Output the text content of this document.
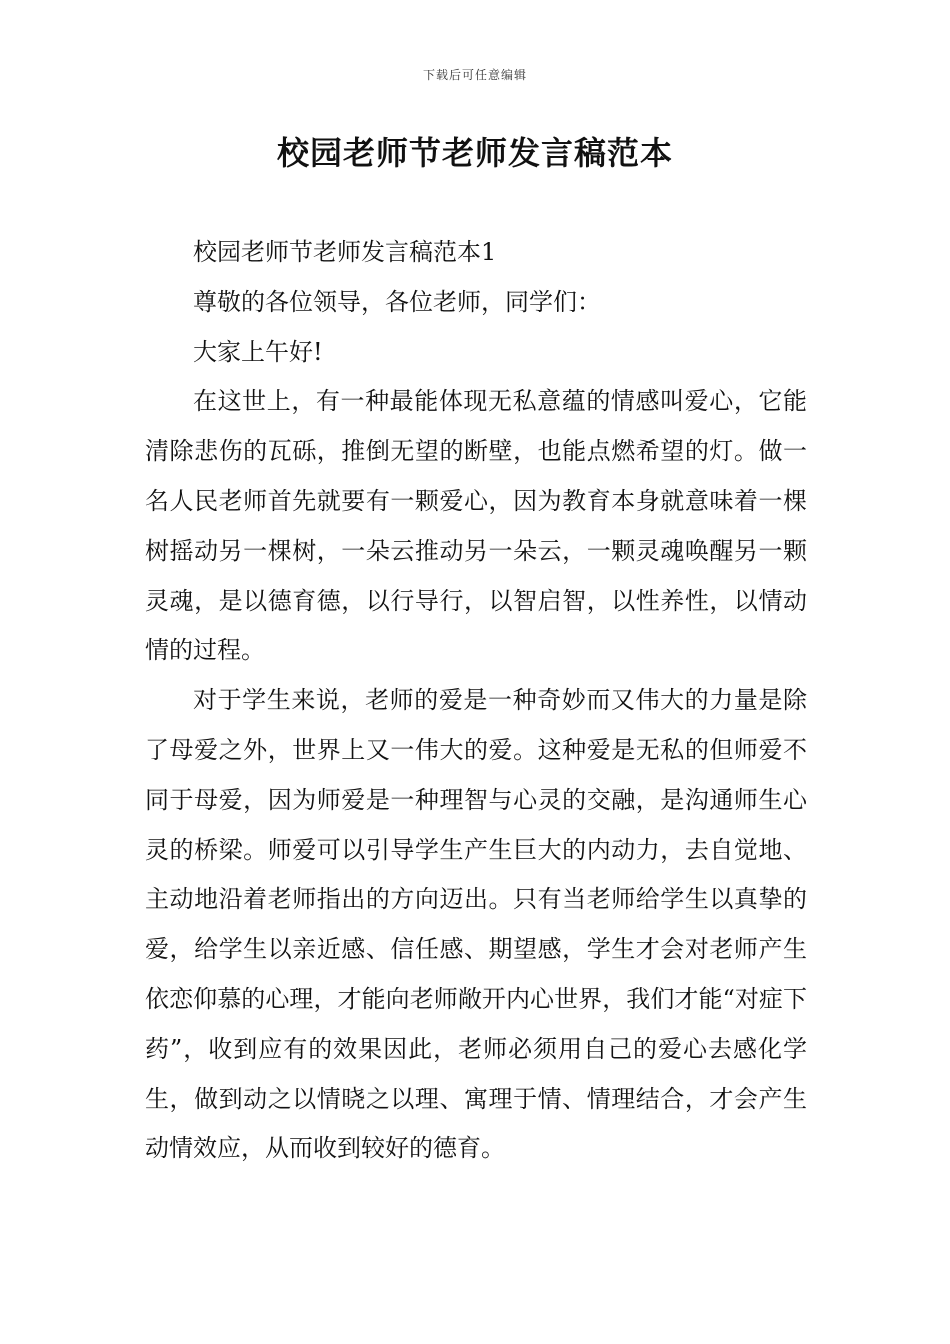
下载后可任意编辑
校园老师节老师发言稿范本

校园老师节老师发言稿范本1

尊敬的各位领导，各位老师，同学们：

大家上午好!

在这世上，有一种最能体现无私意蕴的情感叫爱心，它能清除悲伤的瓦砾，推倒无望的断壁，也能点燃希望的灯。做一名人民老师首先就要有一颗爱心，因为教育本身就意味着一棵树摇动另一棵树，一朵云推动另一朵云，一颗灵魂唤醒另一颗灵魂，是以德育德，以行导行，以智启智，以性养性，以情动情的过程。

对于学生来说，老师的爱是一种奇妙而又伟大的力量是除了母爱之外，世界上又一伟大的爱。这种爱是无私的但师爱不同于母爱，因为师爱是一种理智与心灵的交融，是沟通师生心灵的桥梁。师爱可以引导学生产生巨大的内动力，去自觉地、主动地沿着老师指出的方向迈出。只有当老师给学生以真挚的爱，给学生以亲近感、信任感、期望感，学生才会对老师产生依恋仰慕的心理，才能向老师敞开内心世界，我们才能“对症下药”，收到应有的效果因此，老师必须用自己的爱心去感化学生，做到动之以情晓之以理、寓理于情、情理结合，才会产生动情效应，从而收到较好的德育。
